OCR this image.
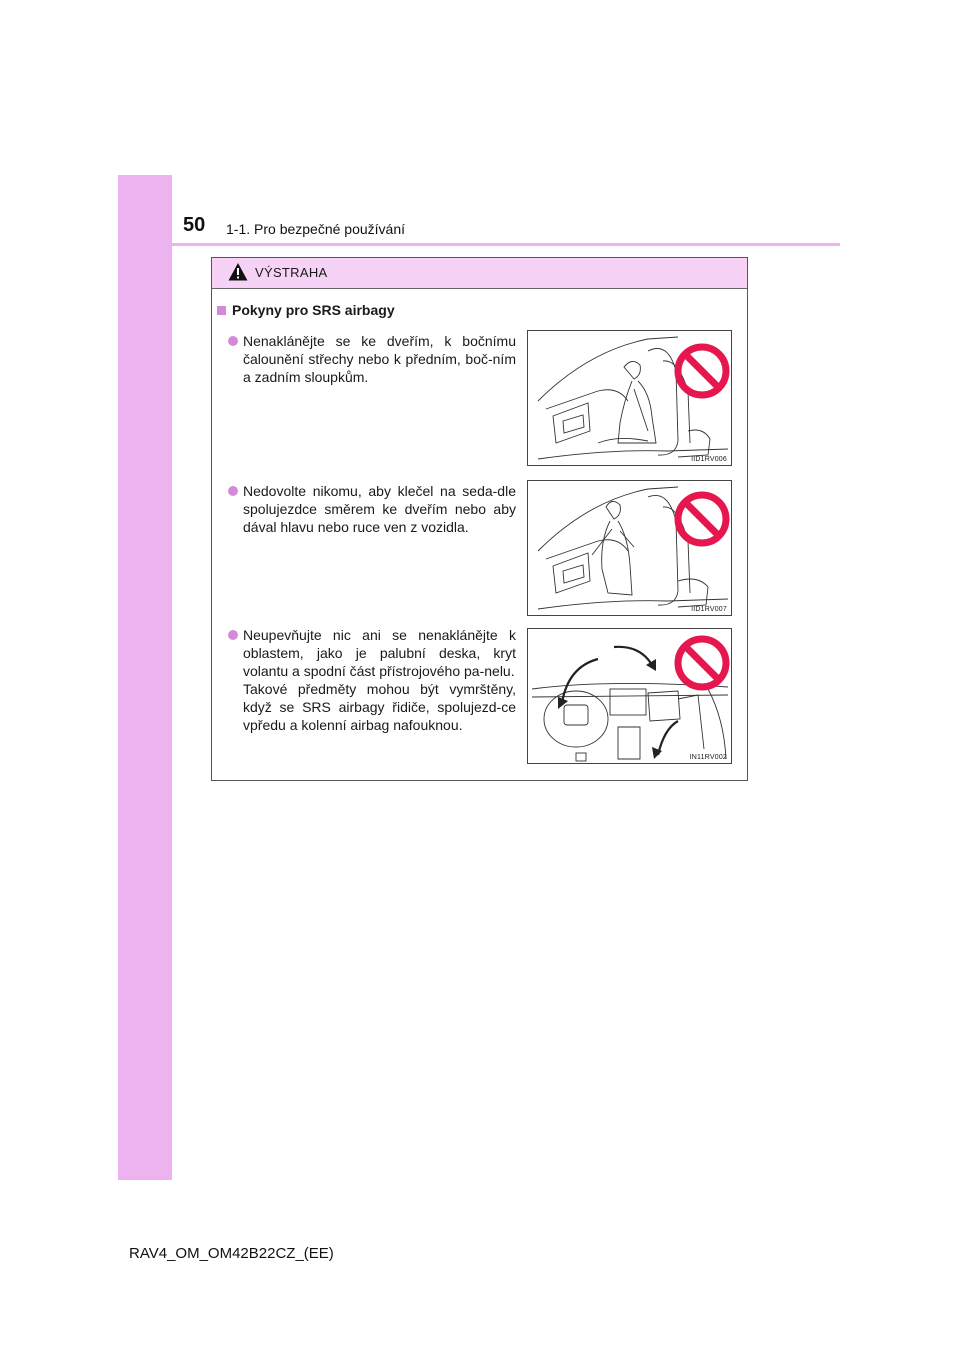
50 1-1. Pro bezpečné používání
VÝSTRAHA
Pokyny pro SRS airbagy
Nenaklánějte se ke dveřím, k bočnímu čalounění střechy nebo k předním, boč-ním a zadním sloupkům.
IID1RV006
Nedovolte nikomu, aby klečel na seda-dle spolujezdce směrem ke dveřím nebo aby dával hlavu nebo ruce ven z vozidla.
IID1RV007
Neupevňujte nic ani se nenaklánějte k oblastem, jako je palubní deska, kryt volantu a spodní část přístrojového pa-nelu.
Takové předměty mohou být vymrštěny, když se SRS airbagy řidiče, spolujezd-ce vpředu a kolenní airbag nafouknou.
IN11RV002
RAV4_OM_OM42B22CZ_(EE)
